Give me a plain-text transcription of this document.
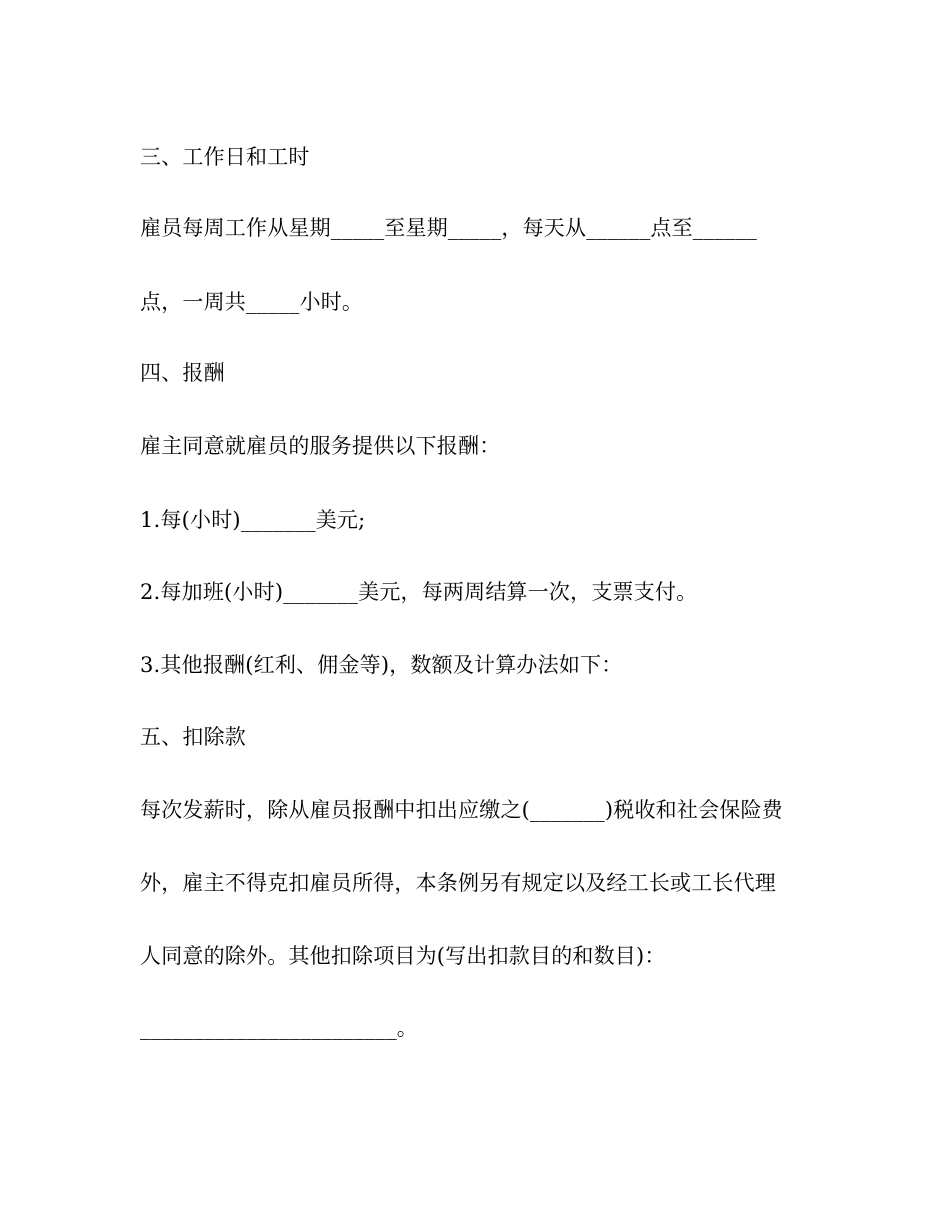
三、工作日和工时
雇员每周工作从星期_____至星期_____，每天从______点至______
点，一周共_____小时。
四、报酬
雇主同意就雇员的服务提供以下报酬：
1.每(小时)_______美元;
2.每加班(小时)_______美元，每两周结算一次，支票支付。
3.其他报酬(红利、佣金等)，数额及计算办法如下：
五、扣除款
每次发薪时，除从雇员报酬中扣出应缴之(_______)税收和社会保险费
外，雇主不得克扣雇员所得，本条例另有规定以及经工长或工长代理
人同意的除外。其他扣除项目为(写出扣款目的和数目)：
________________________。
